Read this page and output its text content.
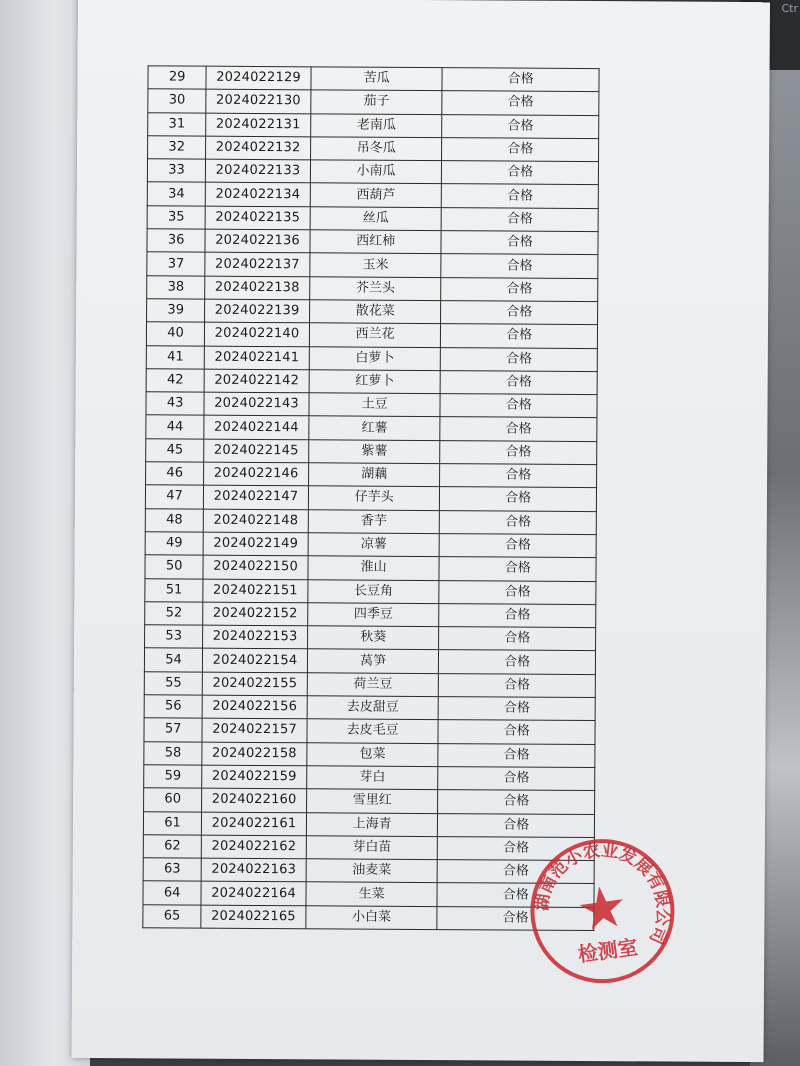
Ctr
29	2024022129	苦瓜	合格
30	2024022130	茄子	合格
31	2024022131	老南瓜	合格
32	2024022132	吊冬瓜	合格
33	2024022133	小南瓜	合格
34	2024022134	西葫芦	合格
35	2024022135	丝瓜	合格
36	2024022136	西红柿	合格
37	2024022137	玉米	合格
38	2024022138	芥兰头	合格
39	2024022139	散花菜	合格
40	2024022140	西兰花	合格
41	2024022141	白萝卜	合格
42	2024022142	红萝卜	合格
43	2024022143	土豆	合格
44	2024022144	红薯	合格
45	2024022145	紫薯	合格
46	2024022146	湖藕	合格
47	2024022147	仔芋头	合格
48	2024022148	香芋	合格
49	2024022149	凉薯	合格
50	2024022150	淮山	合格
51	2024022151	长豆角	合格
52	2024022152	四季豆	合格
53	2024022153	秋葵	合格
54	2024022154	莴笋	合格
55	2024022155	荷兰豆	合格
56	2024022156	去皮甜豆	合格
57	2024022157	去皮毛豆	合格
58	2024022158	包菜	合格
59	2024022159	芽白	合格
60	2024022160	雪里红	合格
61	2024022161	上海青	合格
62	2024022162	芽白苗	合格
63	2024022163	油麦菜	合格
64	2024022164	生菜	合格
65	2024022165	小白菜	合格
湖南范小农业发展有限公司
检测室
